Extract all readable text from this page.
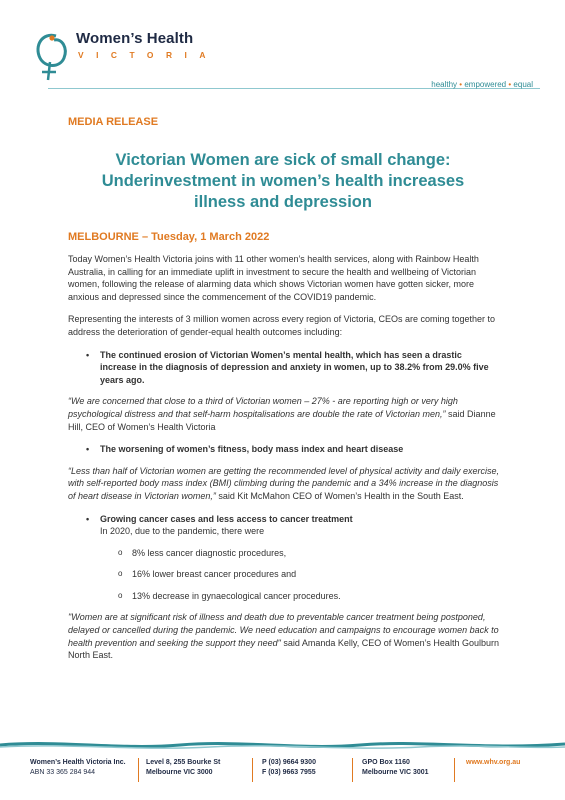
Women’s Health
VICTORIA
healthy • empowered • equal
MEDIA RELEASE
Victorian Women are sick of small change:
Underinvestment in women’s health increases
illness and depression
MELBOURNE – Tuesday, 1 March 2022

Today Women’s Health Victoria joins with 11 other women’s health services, along with Rainbow Health Australia, in calling for an immediate uplift in investment to secure the health and wellbeing of Victorian women, following the release of alarming data which shows Victorian women have gotten sicker, more anxious and depressed since the commencement of the COVID19 pandemic.

Representing the interests of 3 million women across every region of Victoria, CEOs are coming together to address the deterioration of gender-equal health outcomes including:

•	The continued erosion of Victorian Women’s mental health, which has seen a drastic increase in the diagnosis of depression and anxiety in women, up to 38.2% from 29.0% five years ago.

“We are concerned that close to a third of Victorian women – 27% - are reporting high or very high psychological distress and that self-harm hospitalisations are double the rate of Victorian men,” said Dianne Hill, CEO of Women’s Health Victoria

•	The worsening of women’s fitness, body mass index and heart disease

“Less than half of Victorian women are getting the recommended level of physical activity and daily exercise, with self-reported body mass index (BMI) climbing during the pandemic and a 34% increase in the diagnosis of heart disease in Victorian women,” said Kit McMahon CEO of Women’s Health in the South East.

•	Growing cancer cases and less access to cancer treatment
In 2020, due to the pandemic, there were
o	8% less cancer diagnostic procedures,
o	16% lower breast cancer procedures and
o	13% decrease in gynaecological cancer procedures.

"Women are at significant risk of illness and death due to preventable cancer treatment being postponed, delayed or cancelled during the pandemic. We need education and campaigns to encourage women back to health prevention and seeking the support they need" said Amanda Kelly, CEO of Women’s Health Goulburn North East.

Women’s Health Victoria Inc.
ABN 33 365 284 944
Level 8, 255 Bourke St
Melbourne VIC 3000
P (03) 9664 9300
F (03) 9663 7955
GPO Box 1160
Melbourne VIC 3001
www.whv.org.au
